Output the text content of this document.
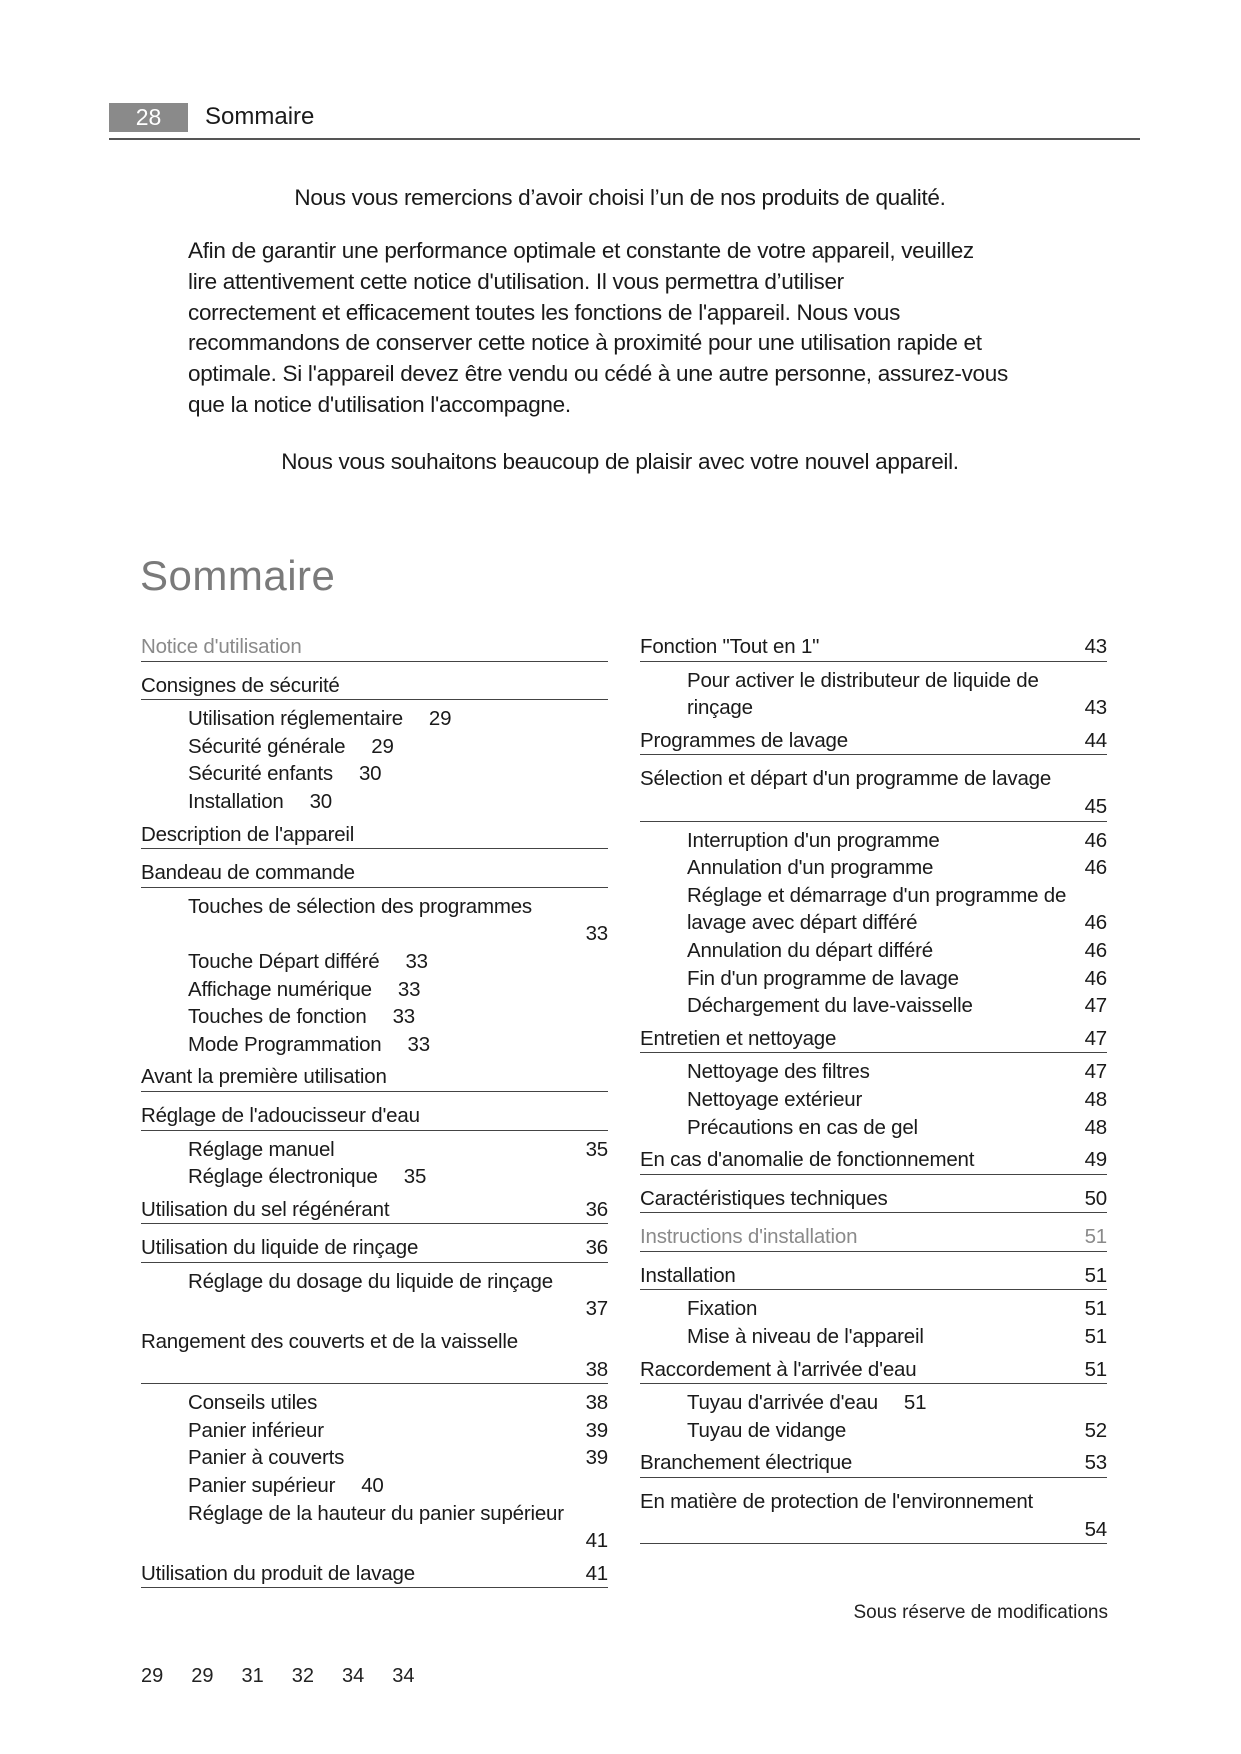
28	Sommaire
Nous vous remercions d’avoir choisi l’un de nos produits de qualité.
Afin de garantir une performance optimale et constante de votre appareil, veuillez
lire attentivement cette notice d'utilisation. Il vous permettra d’utiliser
correctement et efficacement toutes les fonctions de l'appareil. Nous vous
recommandons de conserver cette notice à proximité pour une utilisation rapide et
optimale. Si l'appareil devez être vendu ou cédé à une autre personne, assurez-vous
que la notice d'utilisation l'accompagne.
Nous vous souhaitons beaucoup de plaisir avec votre nouvel appareil.
Sommaire
Notice d'utilisation
Consignes de sécurité
Utilisation réglementaire 29
Sécurité générale 29
Sécurité enfants 30
Installation 30
Description de l'appareil
Bandeau de commande
Touches de sélection des programmes
33
Touche Départ différé 33
Affichage numérique 33
Touches de fonction 33
Mode Programmation 33
Avant la première utilisation
Réglage de l'adoucisseur d'eau
Réglage manuel	35
Réglage électronique 35
Utilisation du sel régénérant	36
Utilisation du liquide de rinçage	36
Réglage du dosage du liquide de rinçage
37
Rangement des couverts et de la vaisselle
38
Conseils utiles	38
Panier inférieur	39
Panier à couverts	39
Panier supérieur 40
Réglage de la hauteur du panier supérieur
41
Utilisation du produit de lavage	41
Fonction "Tout en 1"	43
Pour activer le distributeur de liquide de rinçage	43
Programmes de lavage	44
Sélection et départ d'un programme de lavage
45
Interruption d'un programme	46
Annulation d'un programme	46
Réglage et démarrage d'un programme de lavage avec départ différé	46
Annulation du départ différé	46
Fin d'un programme de lavage	46
Déchargement du lave-vaisselle	47
Entretien et nettoyage	47
Nettoyage des filtres	47
Nettoyage extérieur	48
Précautions en cas de gel	48
En cas d'anomalie de fonctionnement	49
Caractéristiques techniques	50
Instructions d'installation	51
Installation	51
Fixation	51
Mise à niveau de l'appareil	51
Raccordement à l'arrivée d'eau	51
Tuyau d'arrivée d'eau 51
Tuyau de vidange	52
Branchement électrique	53
En matière de protection de l'environnement
54
29 29 31 32 34 34
Sous réserve de modifications
